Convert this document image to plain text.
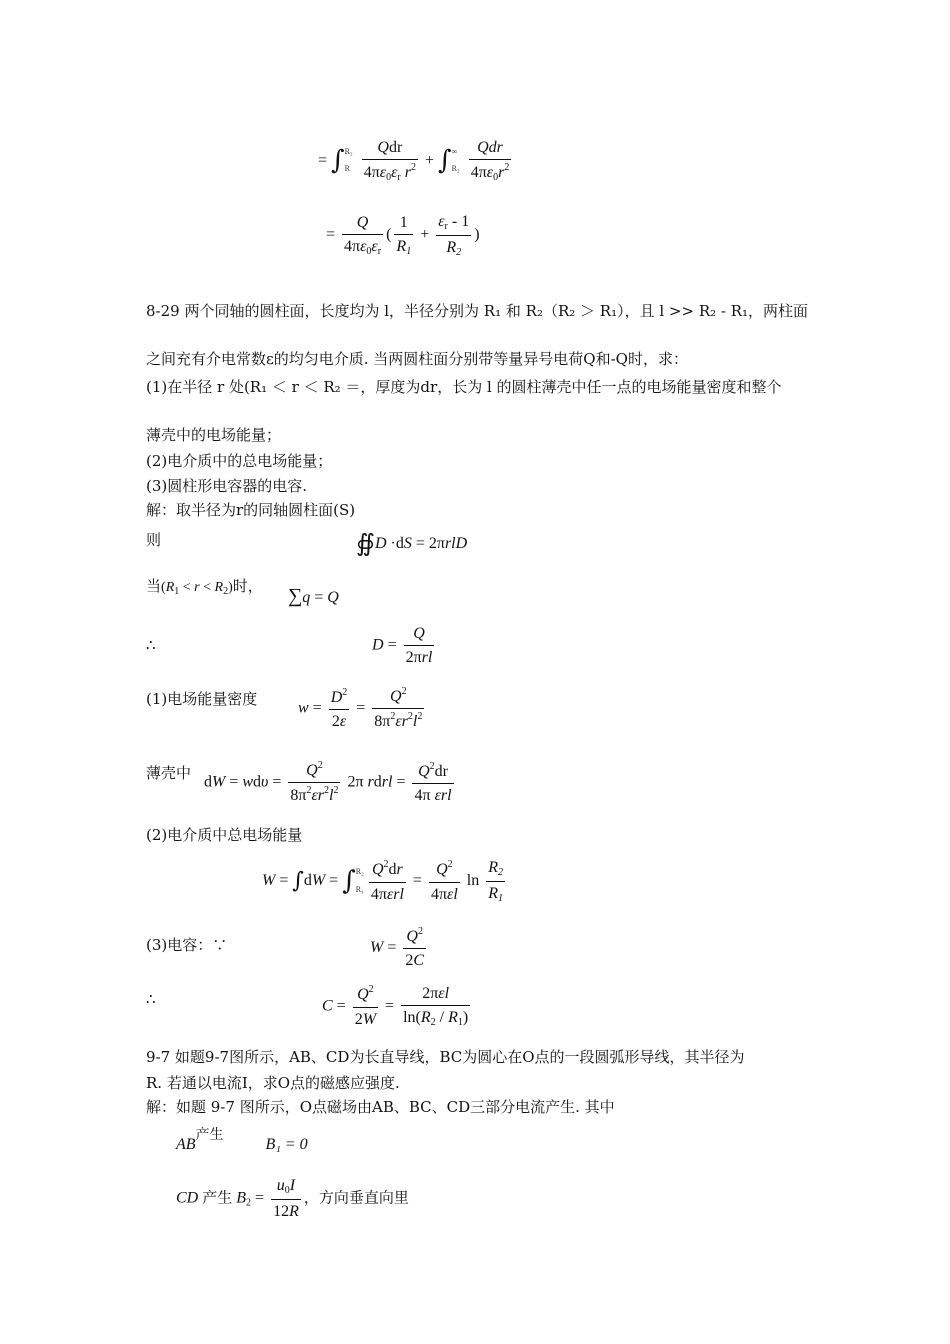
= ∫R₂

R $\frac{\text{Qdr}}{4\pi\varepsilon_0\varepsilon_r r^2}$ + ∫∞

$R_2 \frac{\text{Qdr}}{4\pi\varepsilon_0r^2}$
= $\frac{Q}{4\pi\varepsilon_0\varepsilon_r}$ ( $\frac{1}{R_1} + \frac{\varepsilon_r - 1}{R_2}$ )
8-29 两个同轴的圆柱面，长度均为 l，半径分别为 R₁ 和 R₂（R₂ ＞ R₁），且 l >> R₂ - R₁，两柱面
之间充有介电常数ε的均匀电介质. 当两圆柱面分别带等量异号电荷Q和-Q时，求：
(1)在半径 r 处(R₁ ＜ r ＜ R₂ ＝，厚度为dr，长为 l 的圆柱薄壳中任一点的电场能量密度和整个
薄壳中的电场能量；
(2)电介质中的总电场能量；
(3)圆柱形电容器的电容.
解：取半径为r的同轴圆柱面(S)
则	∯D ·dS = 2πrlD
当$(R_1 < r < R_2)$时， ∑q = Q
∴	$D = \frac{Q}{\text{2πrl}}$
(1)电场能量密度	$w = \frac{D^2}{2\varepsilon} = \frac{Q^2}{8\pi^2\varepsilon r^2l^2}$
薄壳中 dW = $wd\upsilon = \frac{Q^2}{8\pi^2\varepsilon r^2l^2} 2\pi$ rdrl = $\frac{Q^2dr}{\text{4π εrl}}$
(2)电介质中总电场能量
W = ∫dW = ∫R₂

$R_1 \frac{Q^2dr}{\text{4πεrl}} = \frac{Q^2}{\text{4πεl}}$ $\ln \frac{R_2}{R_1}$
(3)电容：∵	$W = \frac{Q^2}{2C}$
∴	$C = \frac{Q^2}{2W} = \frac{\text{2πεl}}{\ln(R_2 / R_1)}$
9-7 如题9-7图所示，AB、CD为长直导线，BC为圆心在O点的一段圆弧形导线，其半径为
R. 若通以电流I，求O点的磁感应强度.
解：如题 9-7 图所示，O点磁场由AB、BC、CD三部分电流产生. 其中
AB产生  B₁ = 0
CD 产生 $B_2 = \frac{u_0I}{12R}$ ，方向垂直向里
